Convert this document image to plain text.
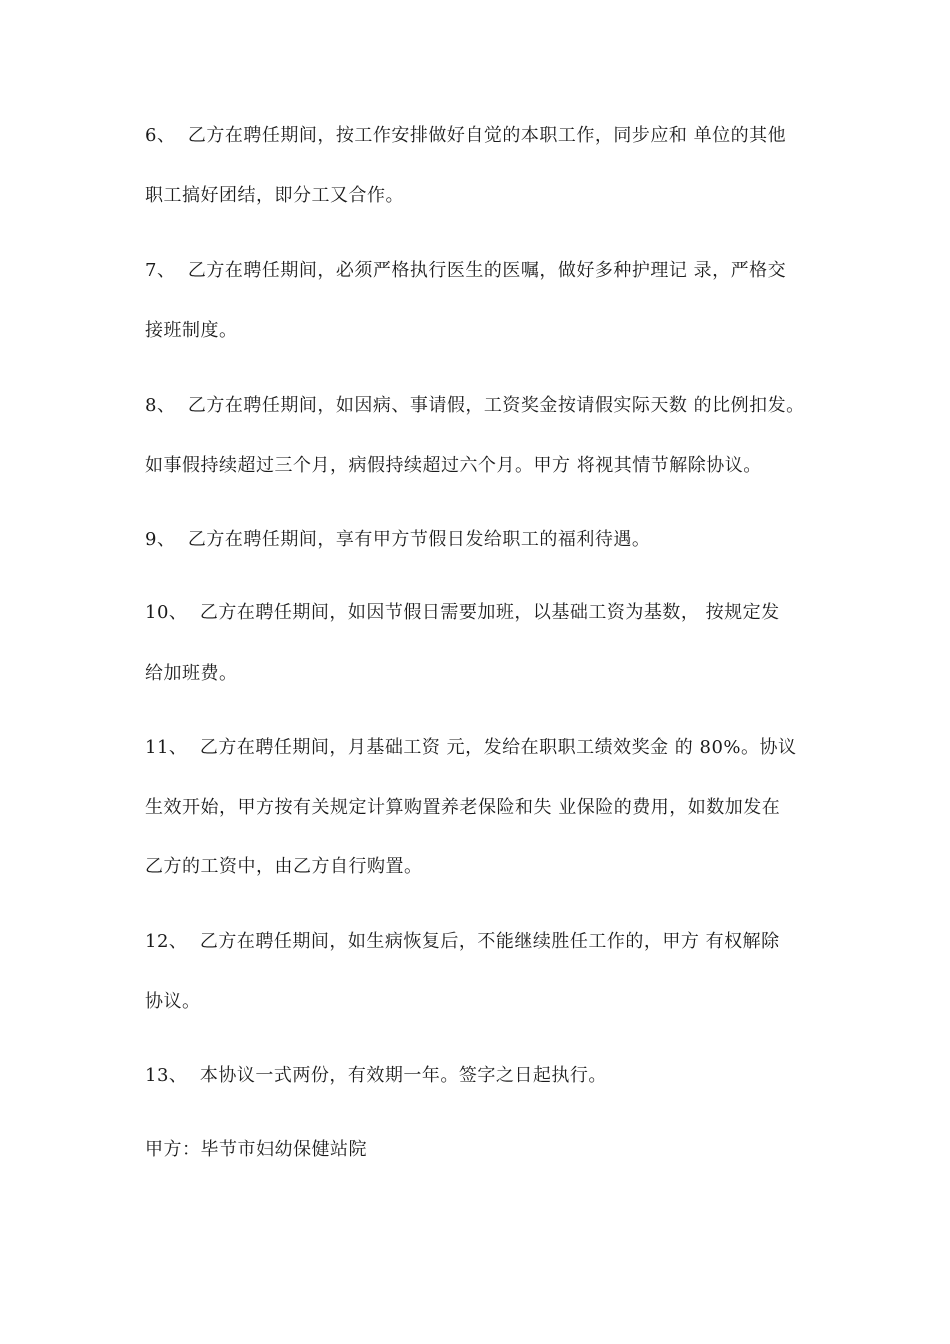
6、  乙方在聘任期间，按工作安排做好自觉的本职工作，同步应和 单位的其他
职工搞好团结，即分工又合作。
7、  乙方在聘任期间，必须严格执行医生的医嘱，做好多种护理记 录，严格交
接班制度。
8、  乙方在聘任期间，如因病、事请假，工资奖金按请假实际天数 的比例扣发。
如事假持续超过三个月，病假持续超过六个月。甲方 将视其情节解除协议。
9、  乙方在聘任期间，享有甲方节假日发给职工的福利待遇。
10、  乙方在聘任期间，如因节假日需要加班，以基础工资为基数， 按规定发
给加班费。
11、  乙方在聘任期间，月基础工资 元，发给在职职工绩效奖金 的 80%。协议
生效开始，甲方按有关规定计算购置养老保险和失 业保险的费用，如数加发在
乙方的工资中，由乙方自行购置。
12、  乙方在聘任期间，如生病恢复后，不能继续胜任工作的，甲方 有权解除
协议。
13、  本协议一式两份，有效期一年。签字之日起执行。
甲方：毕节市妇幼保健站院
